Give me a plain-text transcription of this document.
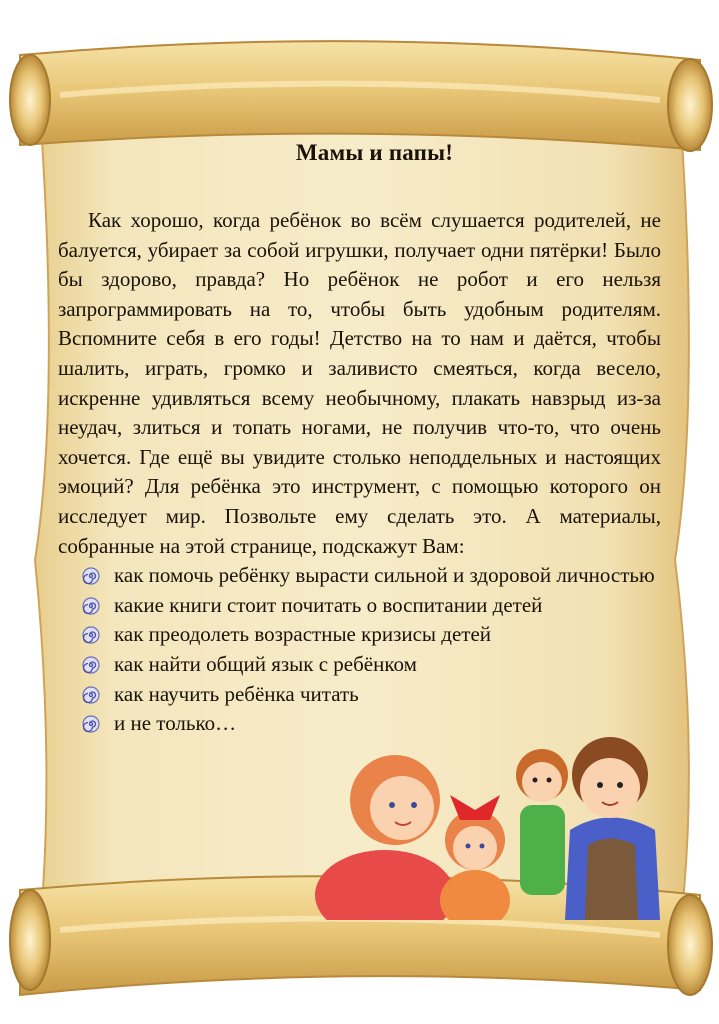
Мамы и папы!

Как хорошо, когда ребёнок во всём слушается родителей, не балуется, убирает за собой игрушки, получает одни пятёрки! Было бы здорово, правда? Но ребёнок не робот и его нельзя запрограммировать на то, чтобы быть удобным родителям. Вспомните себя в его годы! Детство на то нам и даётся, чтобы шалить, играть, громко и заливисто смеяться, когда весело, искренне удивляться всему необычному, плакать навзрыд из-за неудач, злиться и топать ногами, не получив что-то, что очень хочется. Где ещё вы увидите столько неподдельных и настоящих эмоций? Для ребёнка это инструмент, с помощью которого он исследует мир. Позвольте ему сделать это. А материалы, собранные на этой странице, подскажут Вам:

как помочь ребёнку вырасти сильной и здоровой личностью
какие книги стоит почитать о воспитании детей
как преодолеть возрастные кризисы детей
как найти общий язык с ребёнком
как научить ребёнка читать
и не только…
